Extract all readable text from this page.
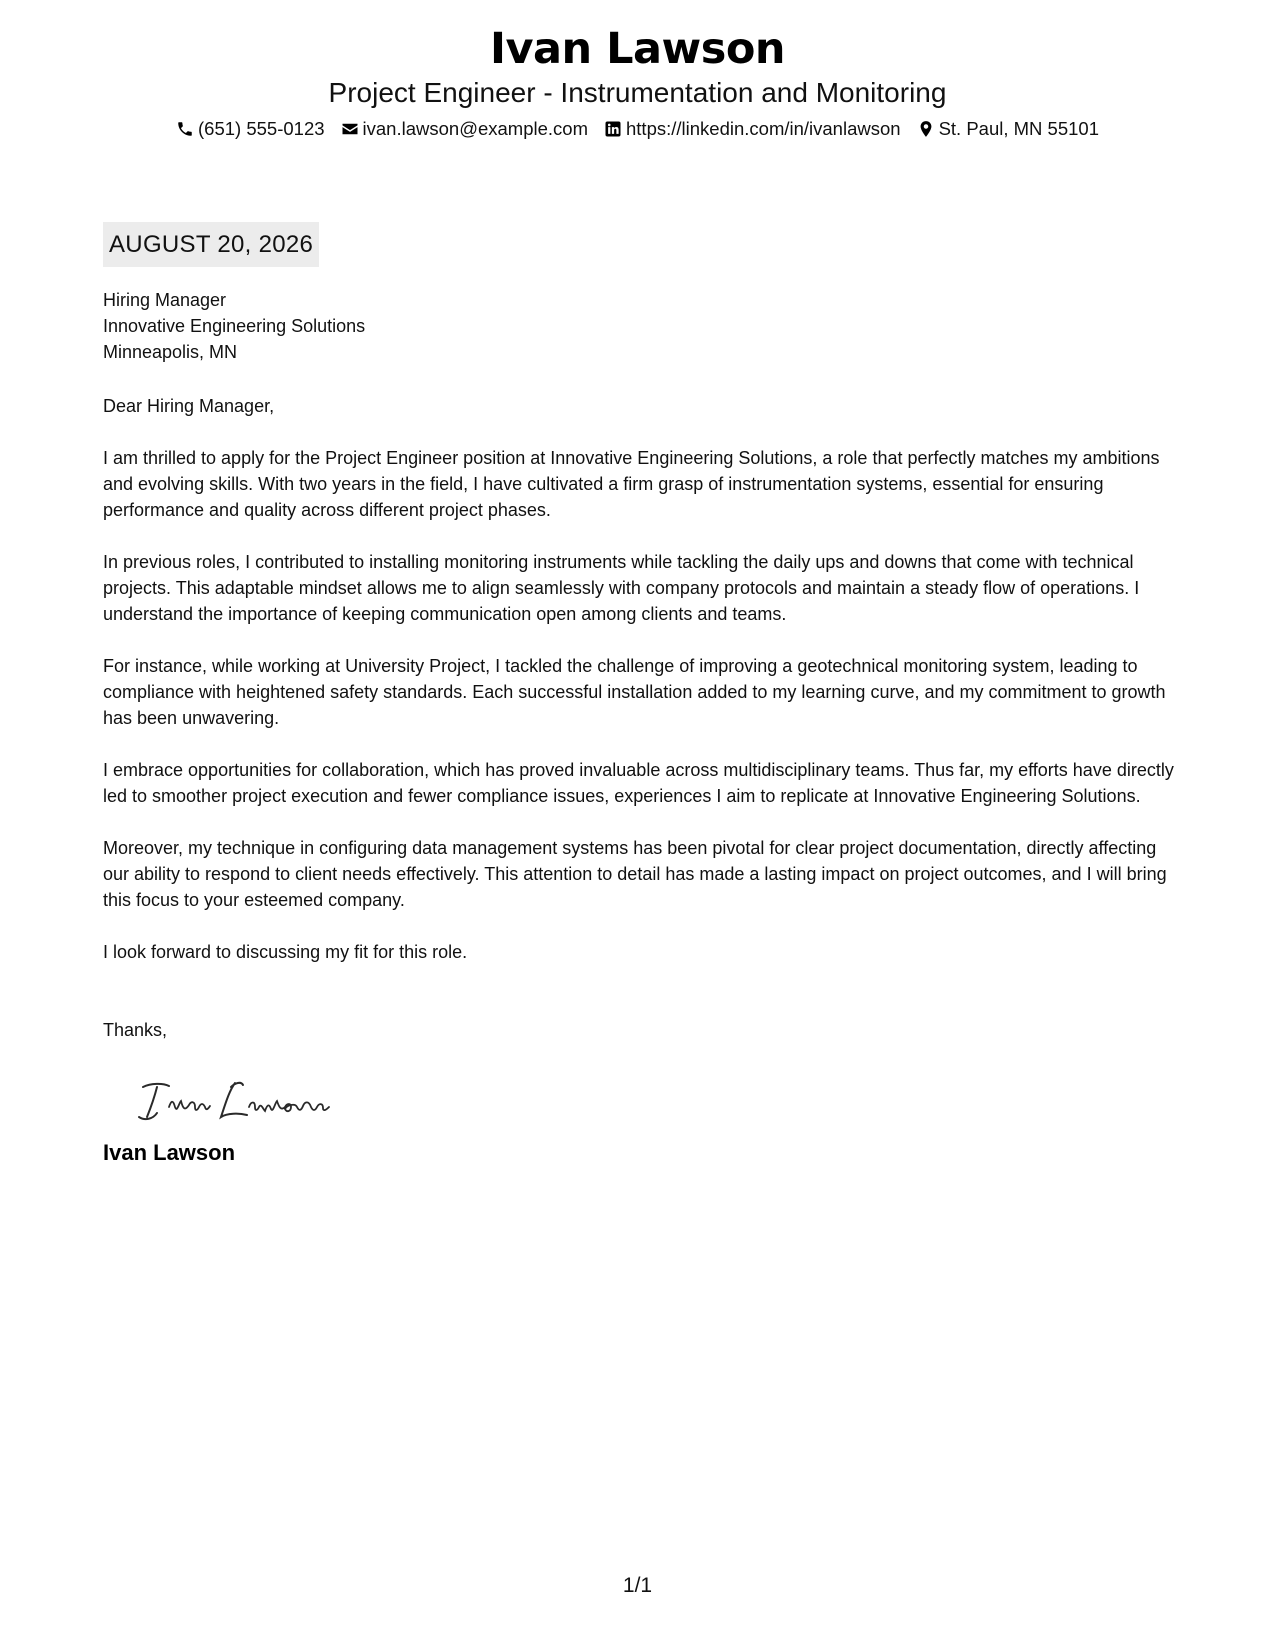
Ivan Lawson
Project Engineer - Instrumentation and Monitoring
(651) 555-0123 ivan.lawson@example.com https://linkedin.com/in/ivanlawson St. Paul, MN 55101
AUGUST 20, 2026
Hiring Manager
Innovative Engineering Solutions
Minneapolis, MN
Dear Hiring Manager,
I am thrilled to apply for the Project Engineer position at Innovative Engineering Solutions, a role that perfectly matches my ambitions and evolving skills. With two years in the field, I have cultivated a firm grasp of instrumentation systems, essential for ensuring performance and quality across different project phases.
In previous roles, I contributed to installing monitoring instruments while tackling the daily ups and downs that come with technical projects. This adaptable mindset allows me to align seamlessly with company protocols and maintain a steady flow of operations. I understand the importance of keeping communication open among clients and teams.
For instance, while working at University Project, I tackled the challenge of improving a geotechnical monitoring system, leading to compliance with heightened safety standards. Each successful installation added to my learning curve, and my commitment to growth has been unwavering.
I embrace opportunities for collaboration, which has proved invaluable across multidisciplinary teams. Thus far, my efforts have directly led to smoother project execution and fewer compliance issues, experiences I aim to replicate at Innovative Engineering Solutions.
Moreover, my technique in configuring data management systems has been pivotal for clear project documentation, directly affecting our ability to respond to client needs effectively. This attention to detail has made a lasting impact on project outcomes, and I will bring this focus to your esteemed company.
I look forward to discussing my fit for this role.
Thanks,
Ivan Lawson
1/1
